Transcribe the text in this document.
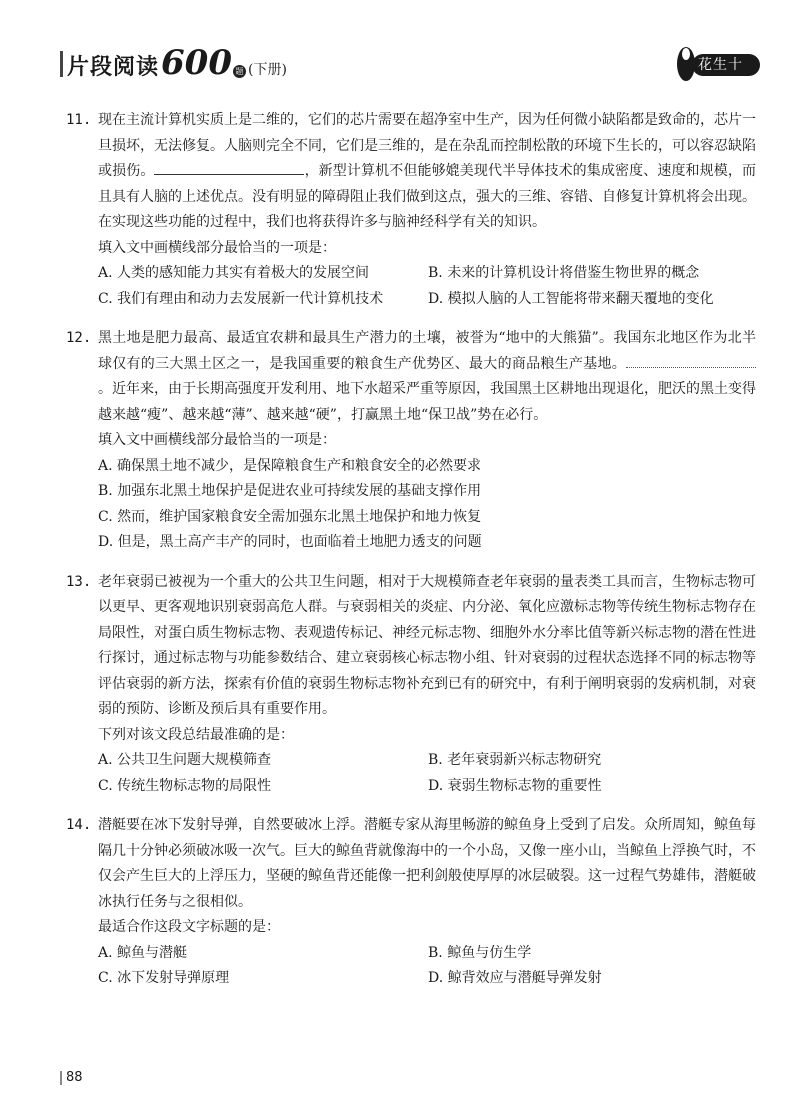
片段阅读 600 题 (下册)	花生十三
11. 现在主流计算机实质上是二维的，它们的芯片需要在超净室中生产，因为任何微小缺陷都是致命的，芯片一旦损坏，无法修复。人脑则完全不同，它们是三维的，是在杂乱而控制松散的环境下生长的，可以容忍缺陷或损伤。	，新型计算机不但能够媲美现代半导体技术的集成密度、速度和规模，而且具有人脑的上述优点。没有明显的障碍阻止我们做到这点，强大的三维、容错、自修复计算机将会出现。在实现这些功能的过程中，我们也将获得许多与脑神经科学有关的知识。
填入文中画横线部分最恰当的一项是：
A. 人类的感知能力其实有着极大的发展空间	B. 未来的计算机设计将借鉴生物世界的概念
C. 我们有理由和动力去发展新一代计算机技术	D. 模拟人脑的人工智能将带来翻天覆地的变化
12. 黑土地是肥力最高、最适宜农耕和最具生产潜力的土壤，被誉为“地中的大熊猫”。我国东北地区作为北半球仅有的三大黑土区之一，是我国重要的粮食生产优势区、最大的商品粮生产基地。。近年来，由于长期高强度开发利用、地下水超采严重等原因，我国黑土区耕地出现退化，肥沃的黑土变得越来越“瘦”、越来越“薄”、越来越“硬”，打赢黑土地“保卫战”势在必行。
填入文中画横线部分最恰当的一项是：
A. 确保黑土地不减少，是保障粮食生产和粮食安全的必然要求
B. 加强东北黑土地保护是促进农业可持续发展的基础支撑作用
C. 然而，维护国家粮食安全需加强东北黑土地保护和地力恢复
D. 但是，黑土高产丰产的同时，也面临着土地肥力透支的问题
13. 老年衰弱已被视为一个重大的公共卫生问题，相对于大规模筛查老年衰弱的量表类工具而言，生物标志物可以更早、更客观地识别衰弱高危人群。与衰弱相关的炎症、内分泌、氧化应激标志物等传统生物标志物存在局限性，对蛋白质生物标志物、表观遗传标记、神经元标志物、细胞外水分率比值等新兴标志物的潜在性进行探讨，通过标志物与功能参数结合、建立衰弱核心标志物小组、针对衰弱的过程状态选择不同的标志物等评估衰弱的新方法，探索有价值的衰弱生物标志物补充到已有的研究中，有利于阐明衰弱的发病机制，对衰弱的预防、诊断及预后具有重要作用。
下列对该文段总结最准确的是：
A. 公共卫生问题大规模筛查	B. 老年衰弱新兴标志物研究
C. 传统生物标志物的局限性	D. 衰弱生物标志物的重要性
14. 潜艇要在冰下发射导弹，自然要破冰上浮。潜艇专家从海里畅游的鲸鱼身上受到了启发。众所周知，鲸鱼每隔几十分钟必须破冰吸一次气。巨大的鲸鱼背就像海中的一个小岛，又像一座小山，当鲸鱼上浮换气时，不仅会产生巨大的上浮压力，坚硬的鲸鱼背还能像一把利剑般使厚厚的冰层破裂。这一过程气势雄伟，潜艇破冰执行任务与之很相似。
最适合作这段文字标题的是：
A. 鲸鱼与潜艇	B. 鲸鱼与仿生学
C. 冰下发射导弹原理	D. 鲸背效应与潜艇导弹发射
88
